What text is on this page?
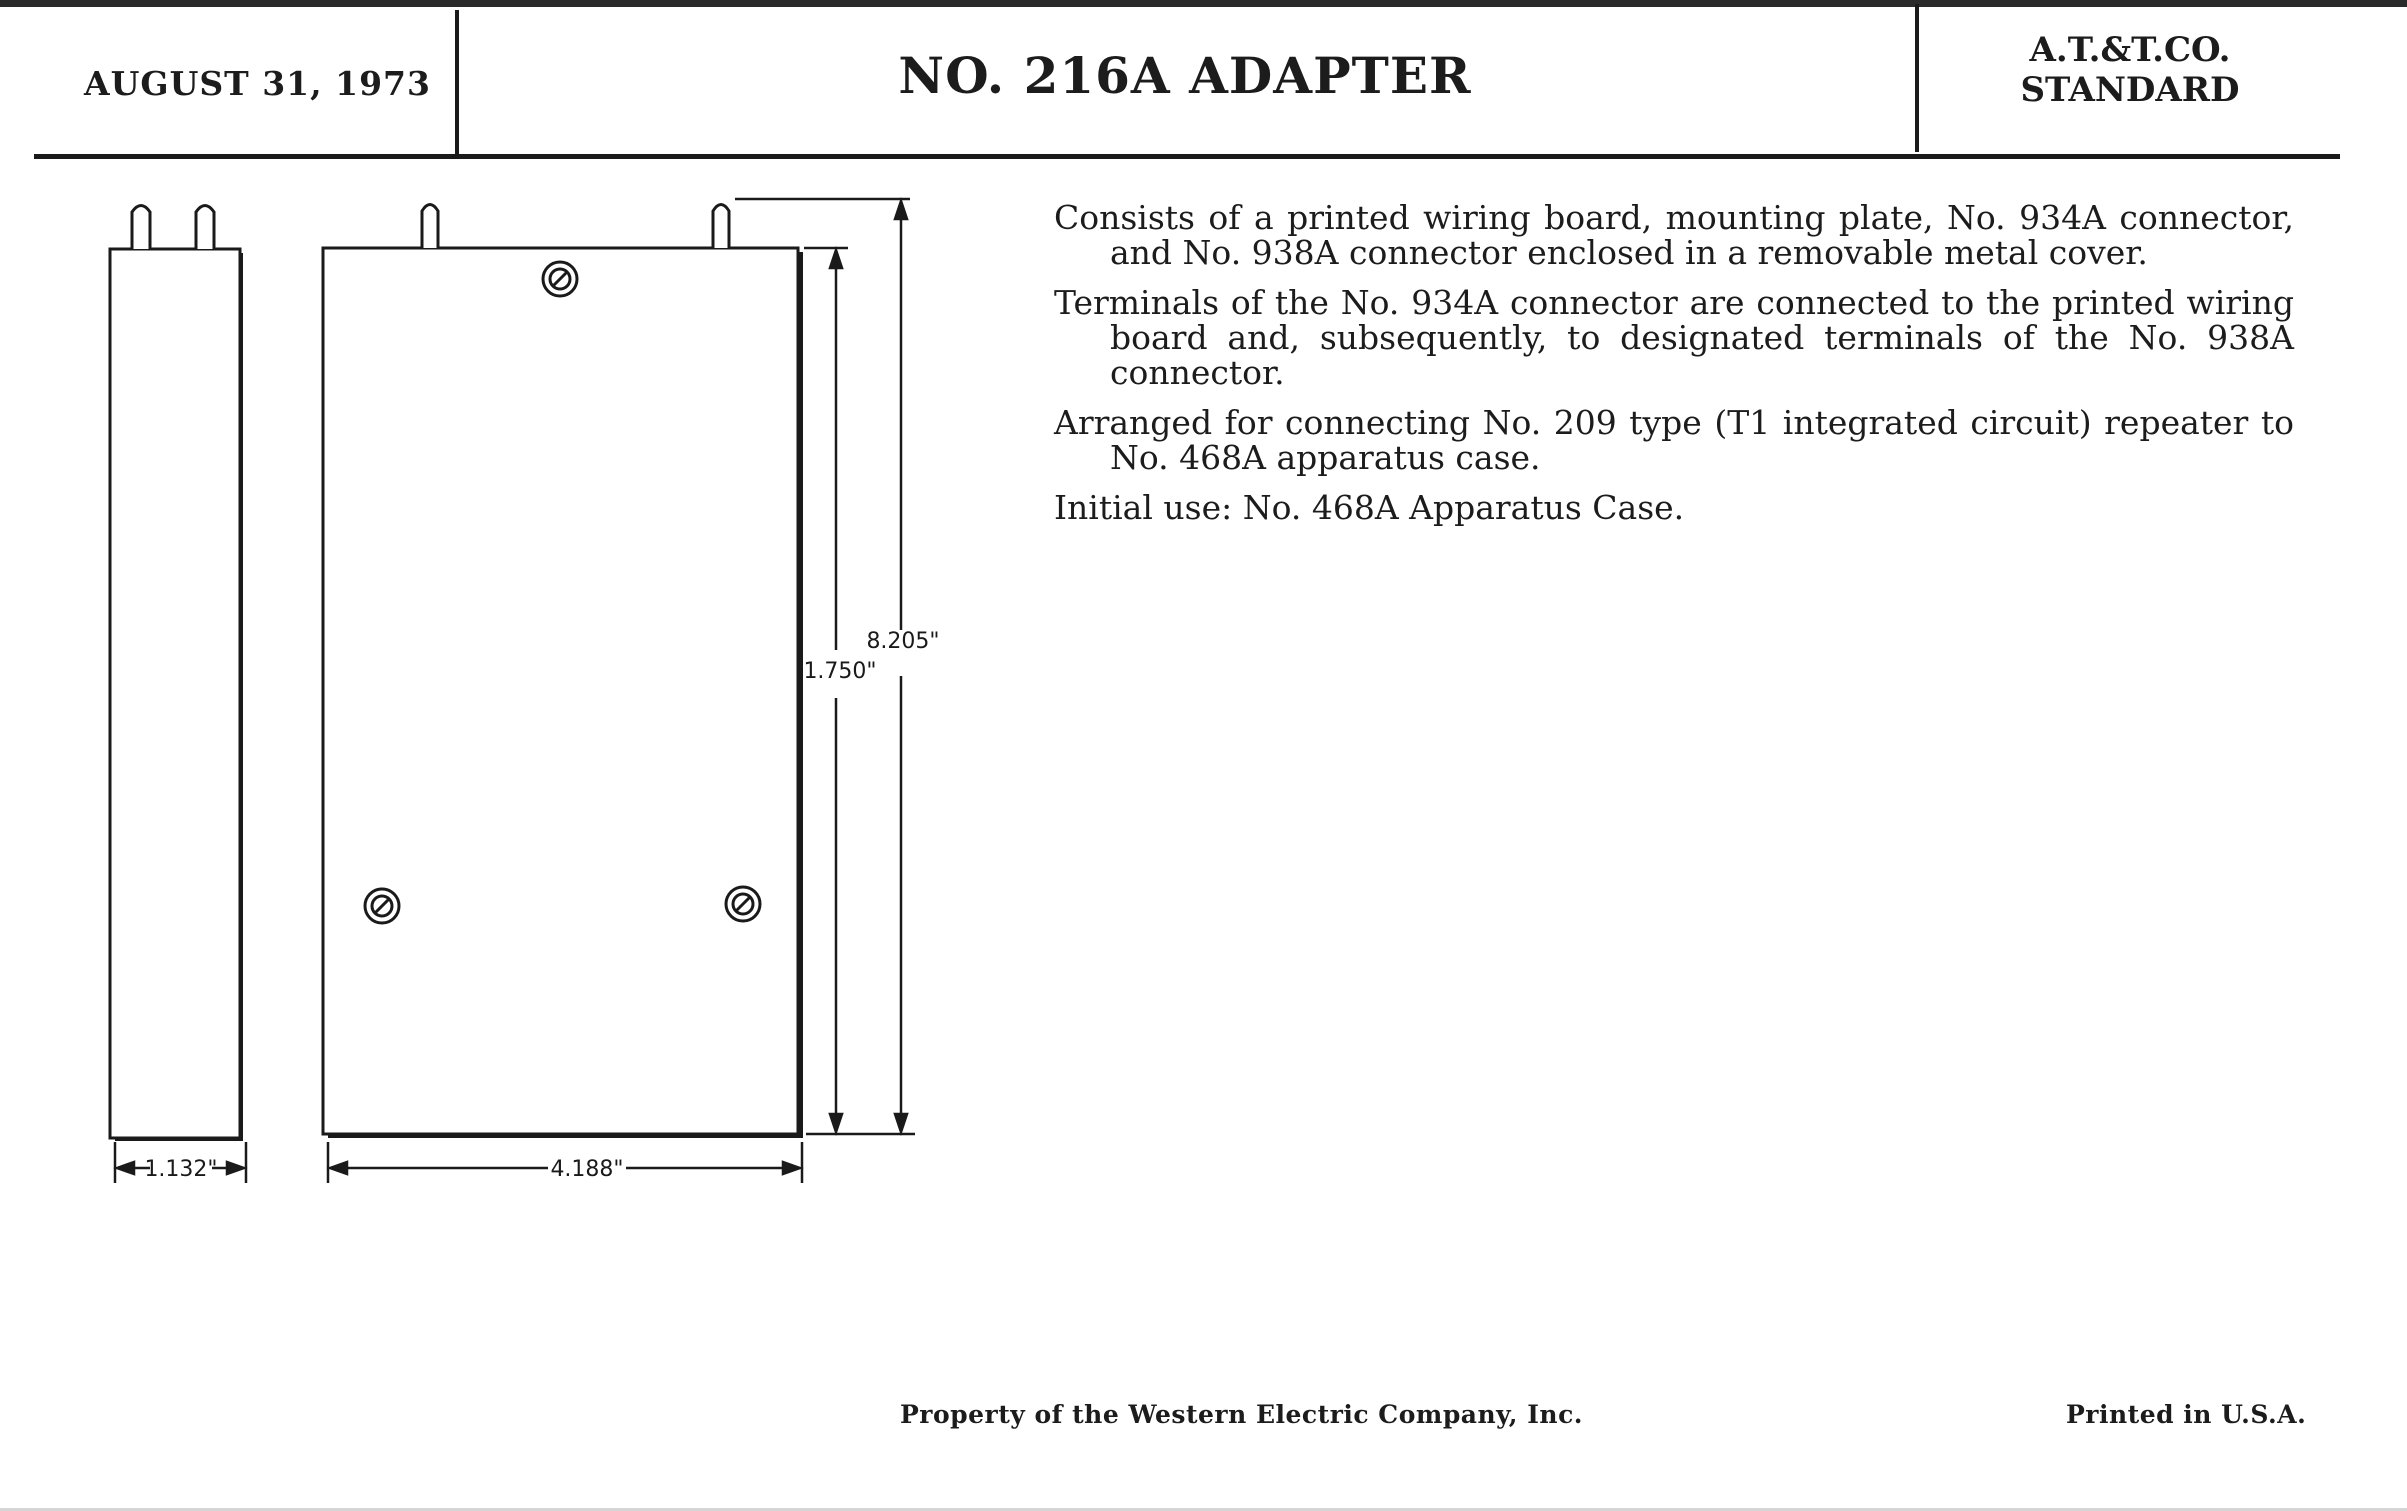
AUGUST 31, 1973	NO. 216A ADAPTER	A.T.&T.CO.
STANDARD
1.132"	4.188"
1.750"
8.205"

Consists of a printed wiring board, mounting plate, No. 934A connector, and No. 938A connector enclosed in a removable metal cover.

Terminals of the No. 934A connector are connected to the printed wiring board and, subsequently, to designated terminals of the No. 938A connector.

Arranged for connecting No. 209 type (T1 integrated circuit) repeater to No. 468A apparatus case.

Initial use: No. 468A Apparatus Case.

Property of the Western Electric Company, Inc.	Printed in U.S.A.
